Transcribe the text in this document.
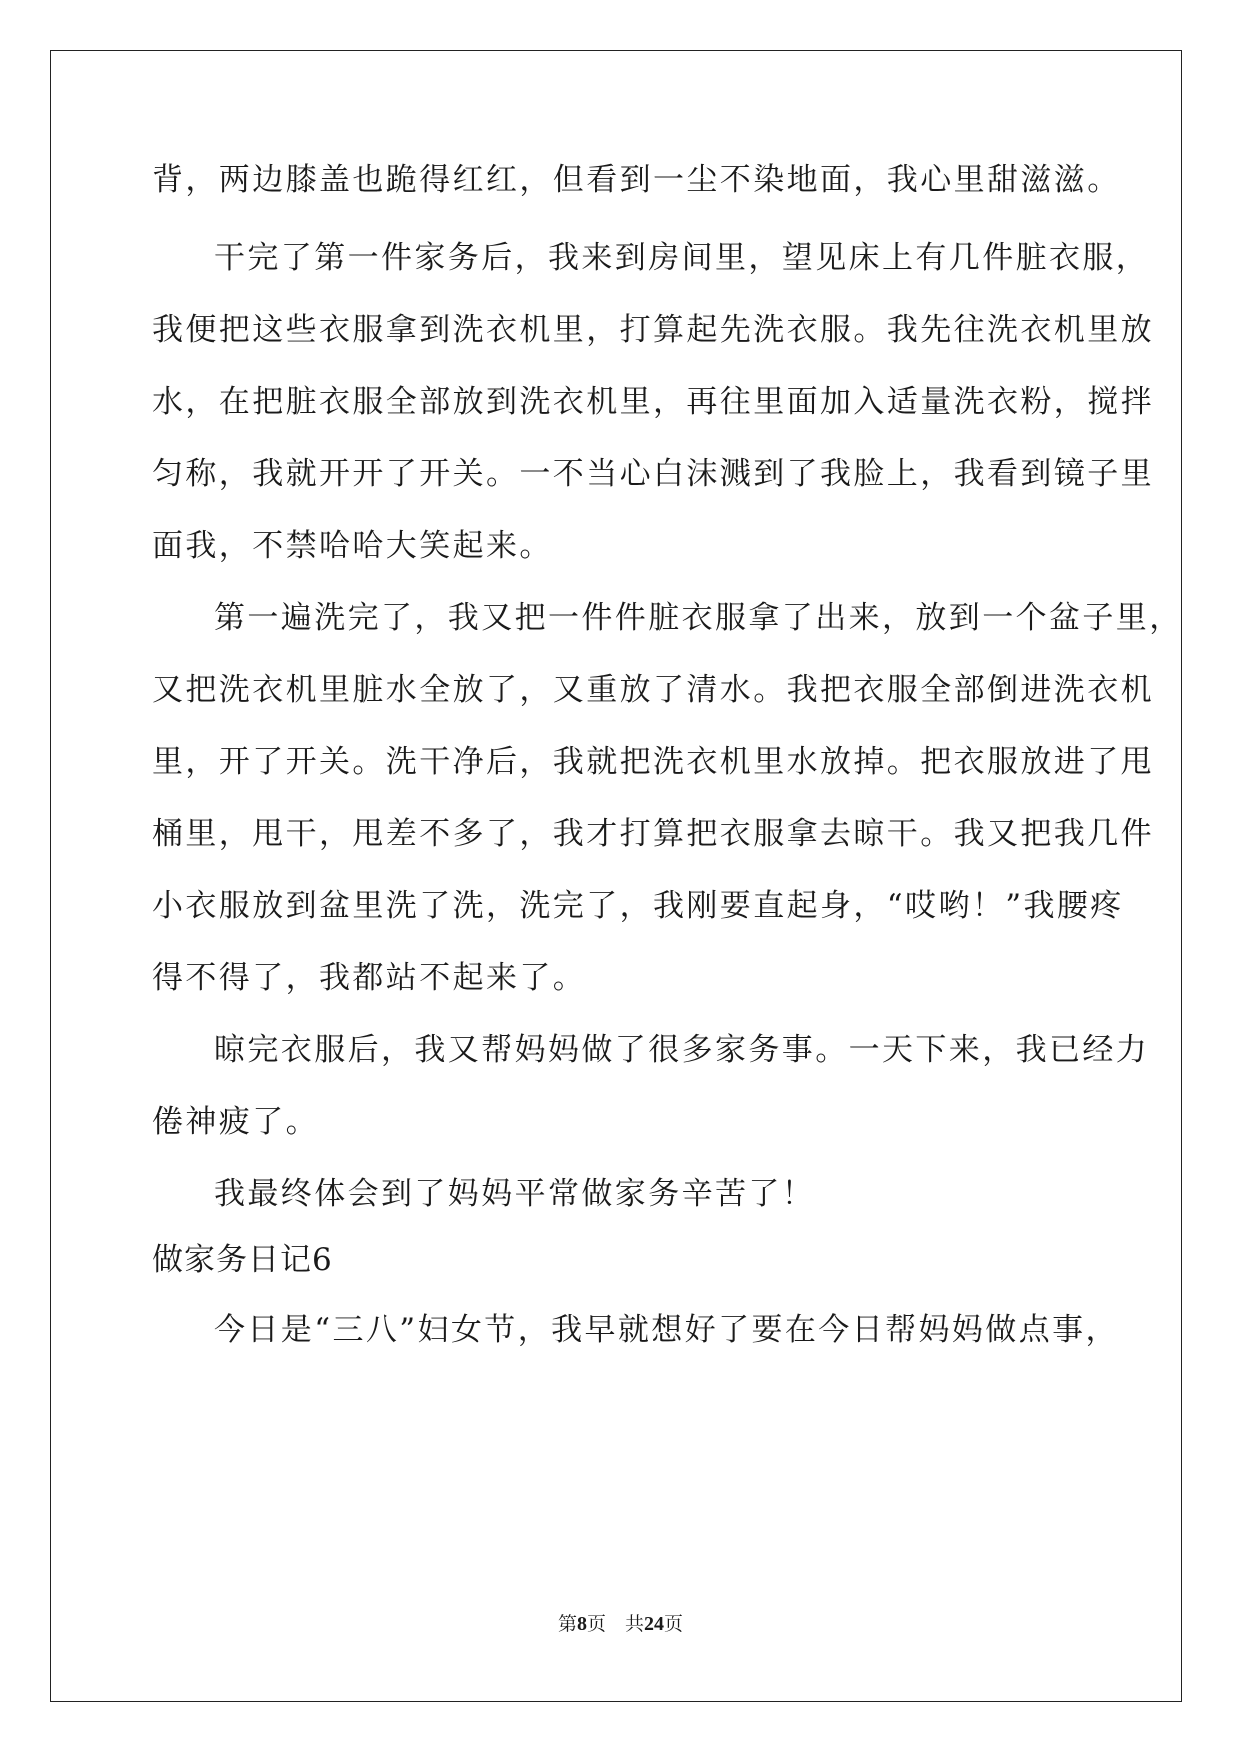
背，两边膝盖也跪得红红，但看到一尘不染地面，我心里甜滋滋。
干完了第一件家务后，我来到房间里，望见床上有几件脏衣服，
我便把这些衣服拿到洗衣机里，打算起先洗衣服。我先往洗衣机里放
水，在把脏衣服全部放到洗衣机里，再往里面加入适量洗衣粉，搅拌
匀称，我就开开了开关。一不当心白沫溅到了我脸上，我看到镜子里
面我，不禁哈哈大笑起来。
第一遍洗完了，我又把一件件脏衣服拿了出来，放到一个盆子里，
又把洗衣机里脏水全放了，又重放了清水。我把衣服全部倒进洗衣机
里，开了开关。洗干净后，我就把洗衣机里水放掉。把衣服放进了甩
桶里，甩干，甩差不多了，我才打算把衣服拿去晾干。我又把我几件
小衣服放到盆里洗了洗，洗完了，我刚要直起身，“哎哟！”我腰疼
得不得了，我都站不起来了。
晾完衣服后，我又帮妈妈做了很多家务事。一天下来，我已经力
倦神疲了。
我最终体会到了妈妈平常做家务辛苦了！
做家务日记6
今日是“三八”妇女节，我早就想好了要在今日帮妈妈做点事，
第8页　共24页
